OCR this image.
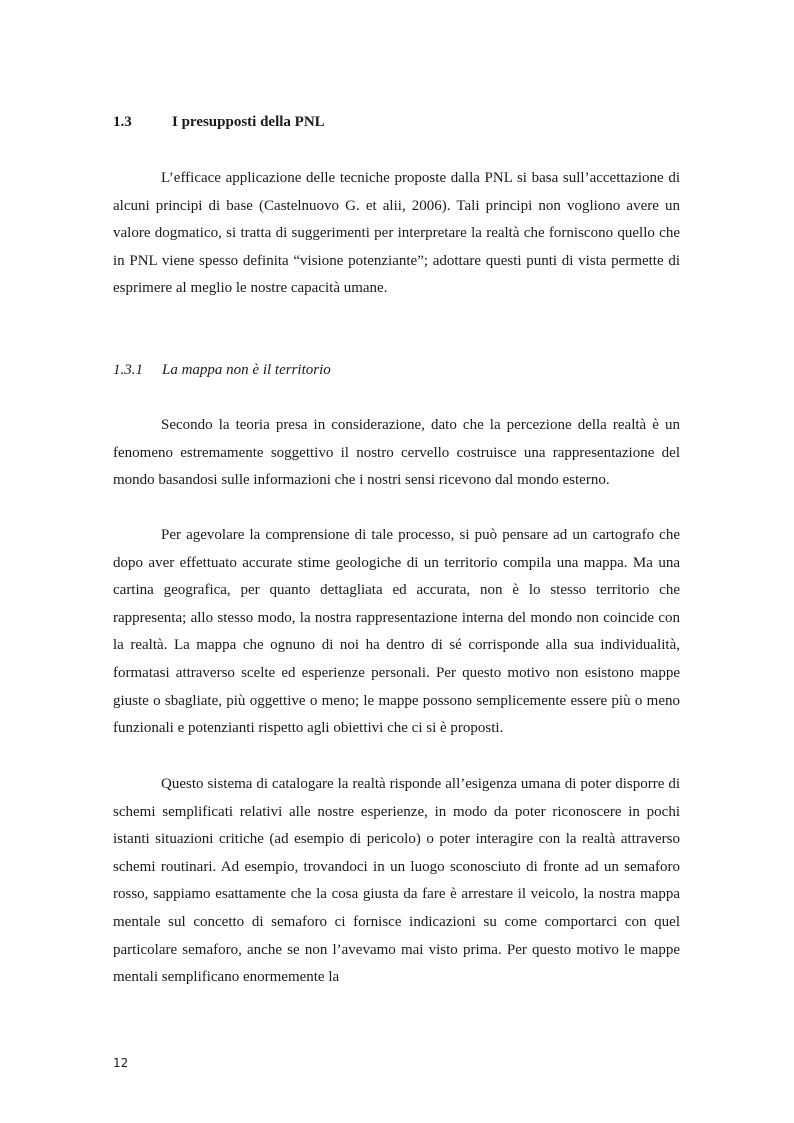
1.3	I presupposti della PNL

L’efficace applicazione delle tecniche proposte dalla PNL si basa sull’accettazione di alcuni principi di base (Castelnuovo G. et alii, 2006). Tali principi non vogliono avere un valore dogmatico, si tratta di suggerimenti per interpretare la realtà che forniscono quello che in PNL viene spesso definita “visione potenziante”; adottare questi punti di vista permette di esprimere al meglio le nostre capacità umane.

1.3.1 La mappa non è il territorio

Secondo la teoria presa in considerazione, dato che la percezione della realtà è un fenomeno estremamente soggettivo il nostro cervello costruisce una rappresentazione del mondo basandosi sulle informazioni che i nostri sensi ricevono dal mondo esterno.

Per agevolare la comprensione di tale processo, si può pensare ad un cartografo che dopo aver effettuato accurate stime geologiche di un territorio compila una mappa. Ma una cartina geografica, per quanto dettagliata ed accurata, non è lo stesso territorio che rappresenta; allo stesso modo, la nostra rappresentazione interna del mondo non coincide con la realtà. La mappa che ognuno di noi ha dentro di sé corrisponde alla sua individualità, formatasi attraverso scelte ed esperienze personali. Per questo motivo non esistono mappe giuste o sbagliate, più oggettive o meno; le mappe possono semplicemente essere più o meno funzionali e potenzianti rispetto agli obiettivi che ci si è proposti.

Questo sistema di catalogare la realtà risponde all’esigenza umana di poter disporre di schemi semplificati relativi alle nostre esperienze, in modo da poter riconoscere in pochi istanti situazioni critiche (ad esempio di pericolo) o poter interagire con la realtà attraverso schemi routinari. Ad esempio, trovandoci in un luogo sconosciuto di fronte ad un semaforo rosso, sappiamo esattamente che la cosa giusta da fare è arrestare il veicolo, la nostra mappa mentale sul concetto di semaforo ci fornisce indicazioni su come comportarci con quel particolare semaforo, anche se non l’avevamo mai visto prima. Per questo motivo le mappe mentali semplificano enormemente la

12
